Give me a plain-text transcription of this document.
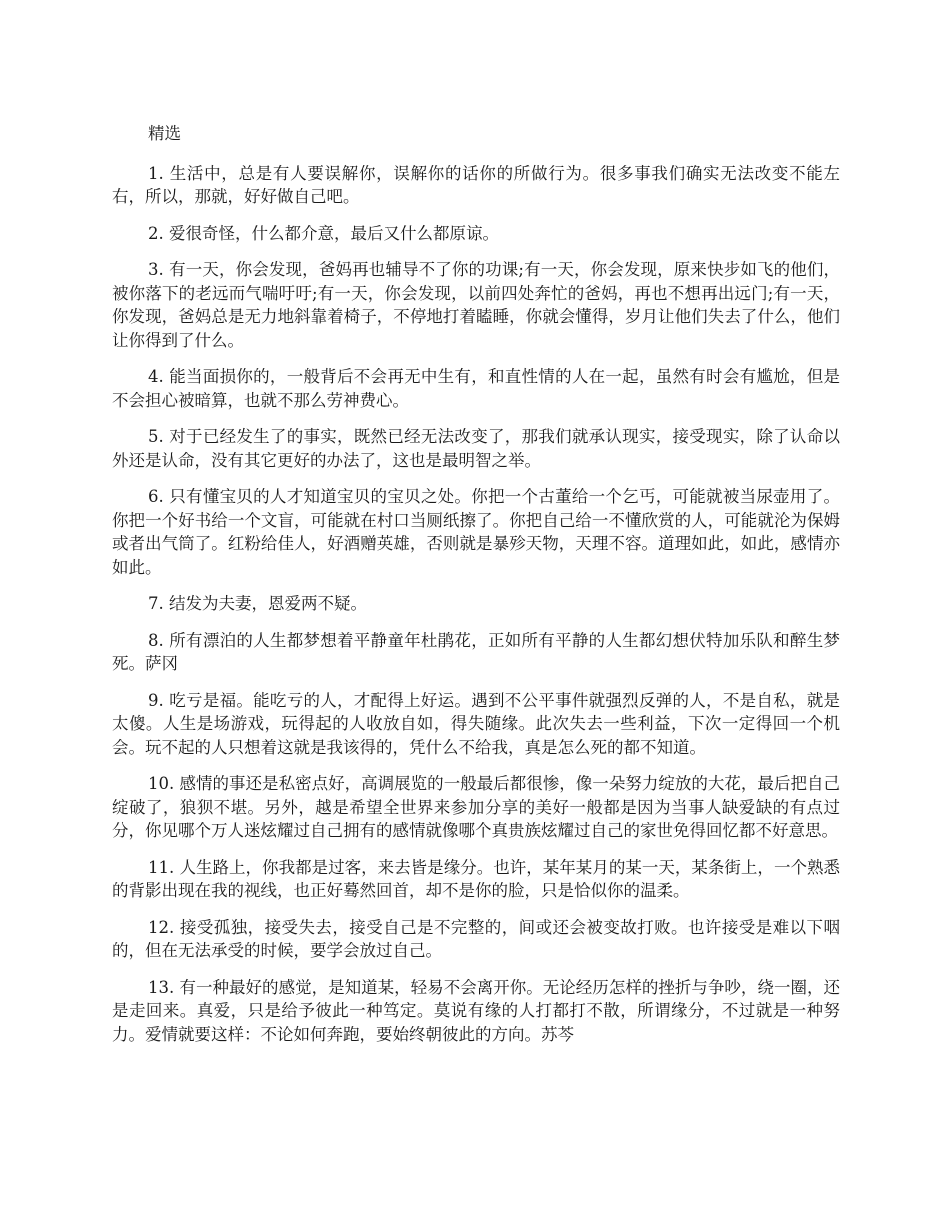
精选

1. 生活中，总是有人要误解你，误解你的话你的所做行为。很多事我们确实无法改变不能左右，所以，那就，好好做自己吧。

2. 爱很奇怪，什么都介意，最后又什么都原谅。

3. 有一天，你会发现，爸妈再也辅导不了你的功课;有一天，你会发现，原来快步如飞的他们，被你落下的老远而气喘吁吁;有一天，你会发现，以前四处奔忙的爸妈，再也不想再出远门;有一天，你发现，爸妈总是无力地斜靠着椅子，不停地打着瞌睡，你就会懂得，岁月让他们失去了什么，他们让你得到了什么。

4. 能当面损你的，一般背后不会再无中生有，和直性情的人在一起，虽然有时会有尴尬，但是不会担心被暗算，也就不那么劳神费心。

5. 对于已经发生了的事实，既然已经无法改变了，那我们就承认现实，接受现实，除了认命以外还是认命，没有其它更好的办法了，这也是最明智之举。

6. 只有懂宝贝的人才知道宝贝的宝贝之处。你把一个古董给一个乞丐，可能就被当尿壶用了。你把一个好书给一个文盲，可能就在村口当厕纸擦了。你把自己给一不懂欣赏的人，可能就沦为保姆或者出气筒了。红粉给佳人，好酒赠英雄，否则就是暴殄天物，天理不容。道理如此，如此，感情亦如此。

7. 结发为夫妻，恩爱两不疑。

8. 所有漂泊的人生都梦想着平静童年杜鹃花，正如所有平静的人生都幻想伏特加乐队和醉生梦死。萨冈

9. 吃亏是福。能吃亏的人，才配得上好运。遇到不公平事件就强烈反弹的人，不是自私，就是太傻。人生是场游戏，玩得起的人收放自如，得失随缘。此次失去一些利益，下次一定得回一个机会。玩不起的人只想着这就是我该得的，凭什么不给我，真是怎么死的都不知道。

10. 感情的事还是私密点好，高调展览的一般最后都很惨，像一朵努力绽放的大花，最后把自己绽破了，狼狈不堪。另外，越是希望全世界来参加分享的美好一般都是因为当事人缺爱缺的有点过分，你见哪个万人迷炫耀过自己拥有的感情就像哪个真贵族炫耀过自己的家世免得回忆都不好意思。

11. 人生路上，你我都是过客，来去皆是缘分。也许，某年某月的某一天，某条街上，一个熟悉的背影出现在我的视线，也正好蓦然回首，却不是你的脸，只是恰似你的温柔。

12. 接受孤独，接受失去，接受自己是不完整的，间或还会被变故打败。也许接受是难以下咽的，但在无法承受的时候，要学会放过自己。

13. 有一种最好的感觉，是知道某，轻易不会离开你。无论经历怎样的挫折与争吵，绕一圈，还是走回来。真爱，只是给予彼此一种笃定。莫说有缘的人打都打不散，所谓缘分，不过就是一种努力。爱情就要这样：不论如何奔跑，要始终朝彼此的方向。苏芩
